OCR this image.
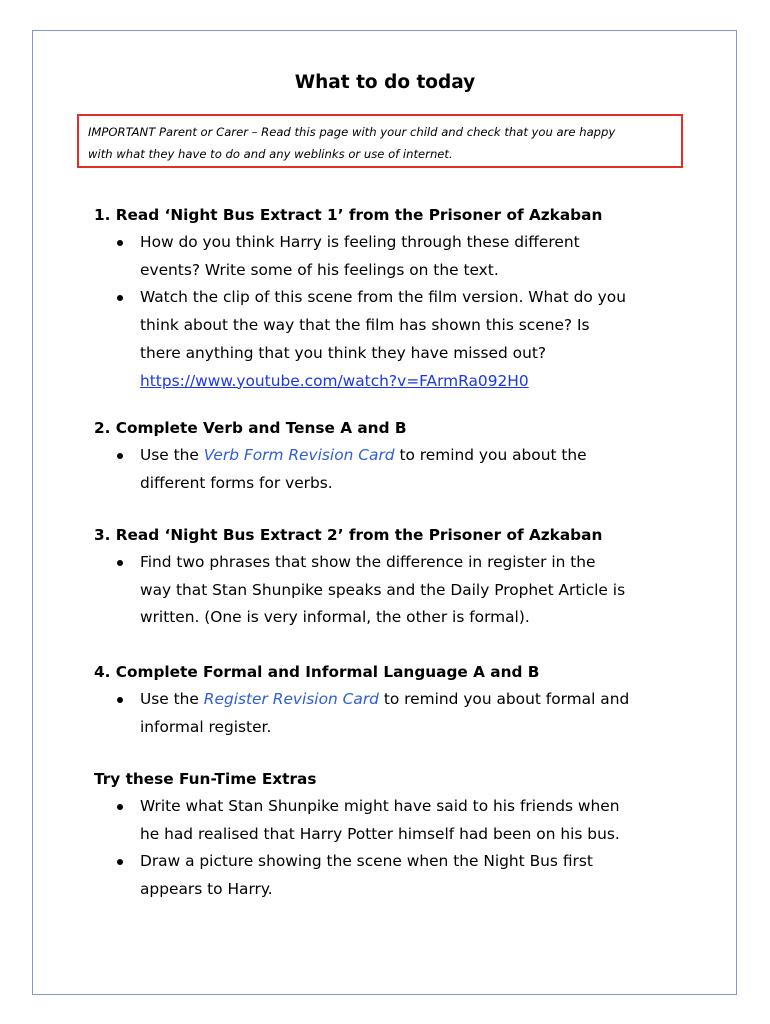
What to do today
IMPORTANT Parent or Carer – Read this page with your child and check that you are happy
with what they have to do and any weblinks or use of internet.
1. Read ‘Night Bus Extract 1’ from the Prisoner of Azkaban
How do you think Harry is feeling through these different
events? Write some of his feelings on the text.
Watch the clip of this scene from the film version. What do you
think about the way that the film has shown this scene? Is
there anything that you think they have missed out?
https://www.youtube.com/watch?v=FArmRa092H0
2. Complete Verb and Tense A and B
Use the Verb Form Revision Card to remind you about the
different forms for verbs.
3. Read ‘Night Bus Extract 2’ from the Prisoner of Azkaban
Find two phrases that show the difference in register in the
way that Stan Shunpike speaks and the Daily Prophet Article is
written. (One is very informal, the other is formal).
4. Complete Formal and Informal Language A and B
Use the Register Revision Card to remind you about formal and
informal register.
Try these Fun-Time Extras
Write what Stan Shunpike might have said to his friends when
he had realised that Harry Potter himself had been on his bus.
Draw a picture showing the scene when the Night Bus first
appears to Harry.
